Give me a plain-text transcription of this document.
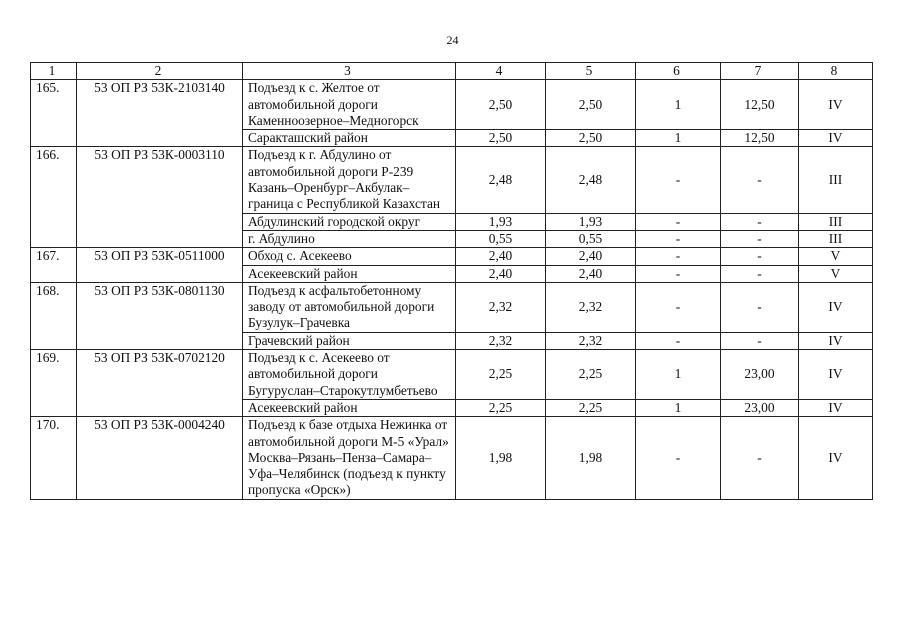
24
1	2	3	4	5	6	7	8
165.	53 ОП РЗ 53К-2103140	Подъезд к с. Желтое от автомобильной дороги Каменноозерное–Медногорск	2,50	2,50	1	12,50	IV
		Саракташский район	2,50	2,50	1	12,50	IV
166.	53 ОП РЗ 53К-0003110	Подъезд к г. Абдулино от автомобильной дороги Р-239 Казань–Оренбург–Акбулак–граница с Республикой Казахстан	2,48	2,48	-	-	III
		Абдулинский городской округ	1,93	1,93	-	-	III
		г. Абдулино	0,55	0,55	-	-	III
167.	53 ОП РЗ 53К-0511000	Обход с. Асекеево	2,40	2,40	-	-	V
		Асекеевский район	2,40	2,40	-	-	V
168.	53 ОП РЗ 53К-0801130	Подъезд к асфальтобетонному заводу от автомобильной дороги Бузулук–Грачевка	2,32	2,32	-	-	IV
		Грачевский район	2,32	2,32	-	-	IV
169.	53 ОП РЗ 53К-0702120	Подъезд к с. Асекеево от автомобильной дороги Бугуруслан–Старокутлумбетьево	2,25	2,25	1	23,00	IV
		Асекеевский район	2,25	2,25	1	23,00	IV
170.	53 ОП РЗ 53К-0004240	Подъезд к базе отдыха Нежинка от автомобильной дороги М-5 «Урал» Москва–Рязань–Пенза–Самара–Уфа–Челябинск (подъезд к пункту пропуска «Орск»)	1,98	1,98	-	-	IV
